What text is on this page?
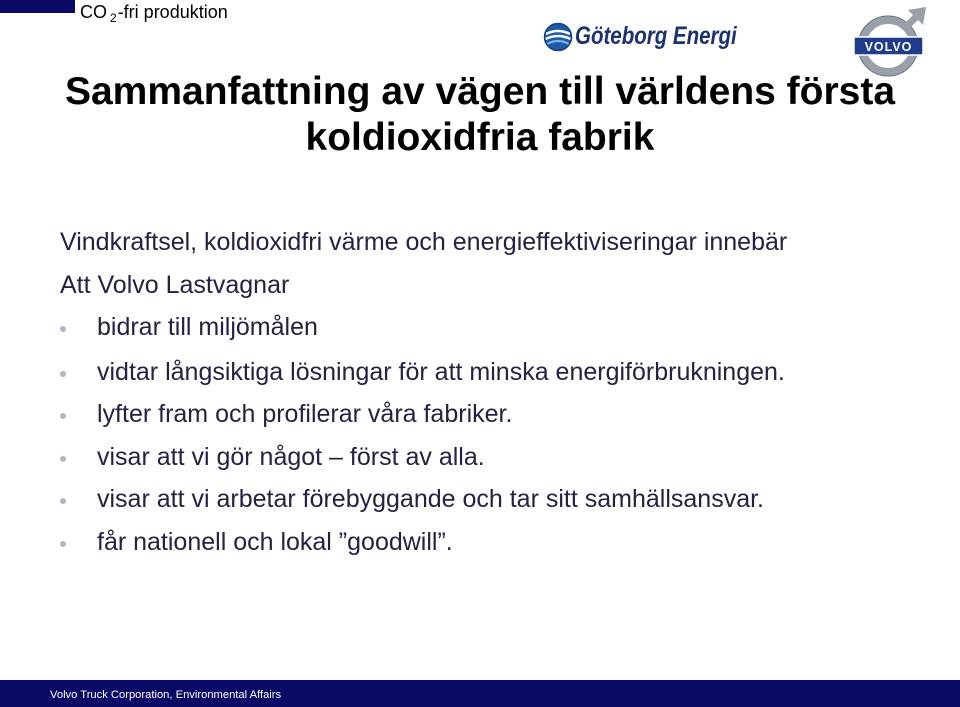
CO $_2$-fri produktion
Göteborg Energi	VOLVO
Sammanfattning av vägen till världens första
koldioxidfria fabrik
Vindkraftsel, koldioxidfri värme och energieffektiviseringar innebär
Att Volvo Lastvagnar
bidrar till miljömålen
vidtar långsiktiga lösningar för att minska energiförbrukningen.
lyfter fram och profilerar våra fabriker.
visar att vi gör något – först av alla.
visar att vi arbetar förebyggande och tar sitt samhällsansvar.
får nationell och lokal ”goodwill”.
Volvo Truck Corporation, Environmental Affairs
